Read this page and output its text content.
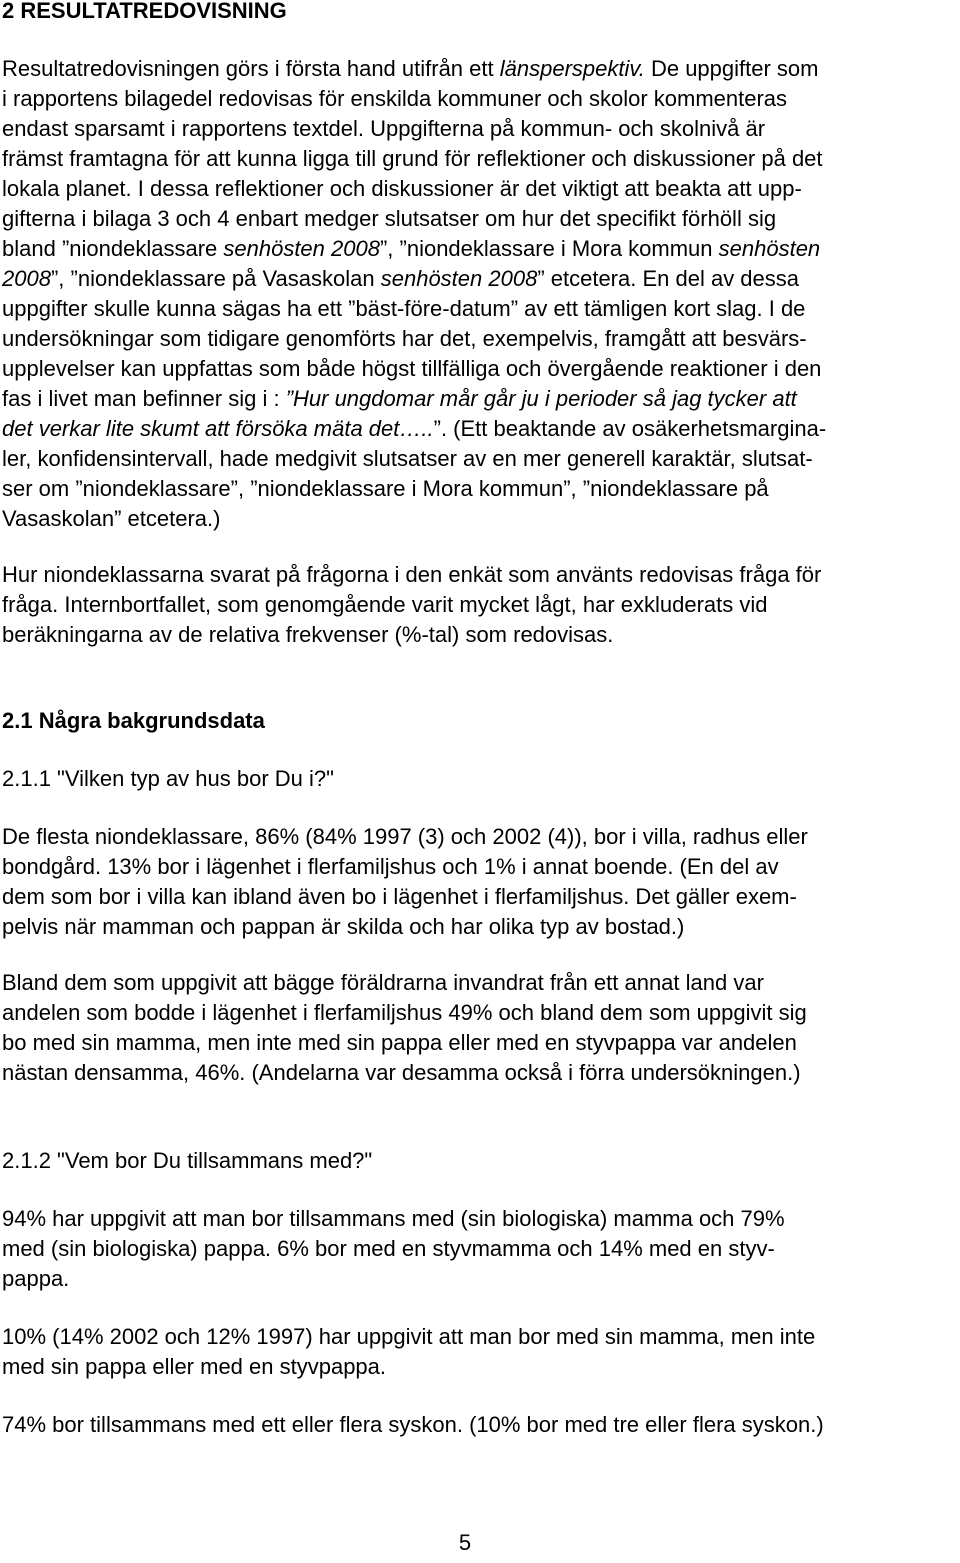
2 RESULTATREDOVISNING

Resultatredovisningen görs i första hand utifrån ett länsperspektiv. De uppgifter som

i rapportens bilagedel redovisas för enskilda kommuner och skolor kommenteras

endast sparsamt i rapportens textdel. Uppgifterna på kommun- och skolnivå är

främst framtagna för att kunna ligga till grund för reflektioner och diskussioner på det

lokala planet. I dessa reflektioner och diskussioner är det viktigt att beakta att upp-

gifterna i bilaga 3 och 4 enbart medger slutsatser om hur det specifikt förhöll sig

bland ”niondeklassare senhösten 2008”, ”niondeklassare i Mora kommun senhösten

2008”, ”niondeklassare på Vasaskolan senhösten 2008” etcetera. En del av dessa

uppgifter skulle kunna sägas ha ett ”bäst-före-datum” av ett tämligen kort slag. I de

undersökningar som tidigare genomförts har det, exempelvis, framgått att besvärs-

upplevelser kan uppfattas som både högst tillfälliga och övergående reaktioner i den

fas i livet man befinner sig i : ”Hur ungdomar mår går ju i perioder så jag tycker att

det verkar lite skumt att försöka mäta det…..”. (Ett beaktande av osäkerhetsmargina-

ler, konfidensintervall, hade medgivit slutsatser av en mer generell karaktär, slutsat-

ser om ”niondeklassare”, ”niondeklassare i Mora kommun”, ”niondeklassare på

Vasaskolan” etcetera.)

Hur niondeklassarna svarat på frågorna i den enkät som använts redovisas fråga för

fråga. Internbortfallet, som genomgående varit mycket lågt, har exkluderats vid

beräkningarna av de relativa frekvenser (%-tal) som redovisas.

2.1 Några bakgrundsdata

2.1.1 "Vilken typ av hus bor Du i?"

De flesta niondeklassare, 86% (84% 1997 (3) och 2002 (4)), bor i villa, radhus eller

bondgård. 13% bor i lägenhet i flerfamiljshus och 1% i annat boende. (En del av

dem som bor i villa kan ibland även bo i lägenhet i flerfamiljshus. Det gäller exem-

pelvis när mamman och pappan är skilda och har olika typ av bostad.)

Bland dem som uppgivit att bägge föräldrarna invandrat från ett annat land var

andelen som bodde i lägenhet i flerfamiljshus 49% och bland dem som uppgivit sig

bo med sin mamma, men inte med sin pappa eller med en styvpappa var andelen

nästan densamma, 46%. (Andelarna var desamma också i förra undersökningen.)

2.1.2 "Vem bor Du tillsammans med?"

94% har uppgivit att man bor tillsammans med (sin biologiska) mamma och 79%

med (sin biologiska) pappa. 6% bor med en styvmamma och 14% med en styv-

pappa.

10% (14% 2002 och 12% 1997) har uppgivit att man bor med sin mamma, men inte

med sin pappa eller med en styvpappa.

74% bor tillsammans med ett eller flera syskon. (10% bor med tre eller flera syskon.)

5
